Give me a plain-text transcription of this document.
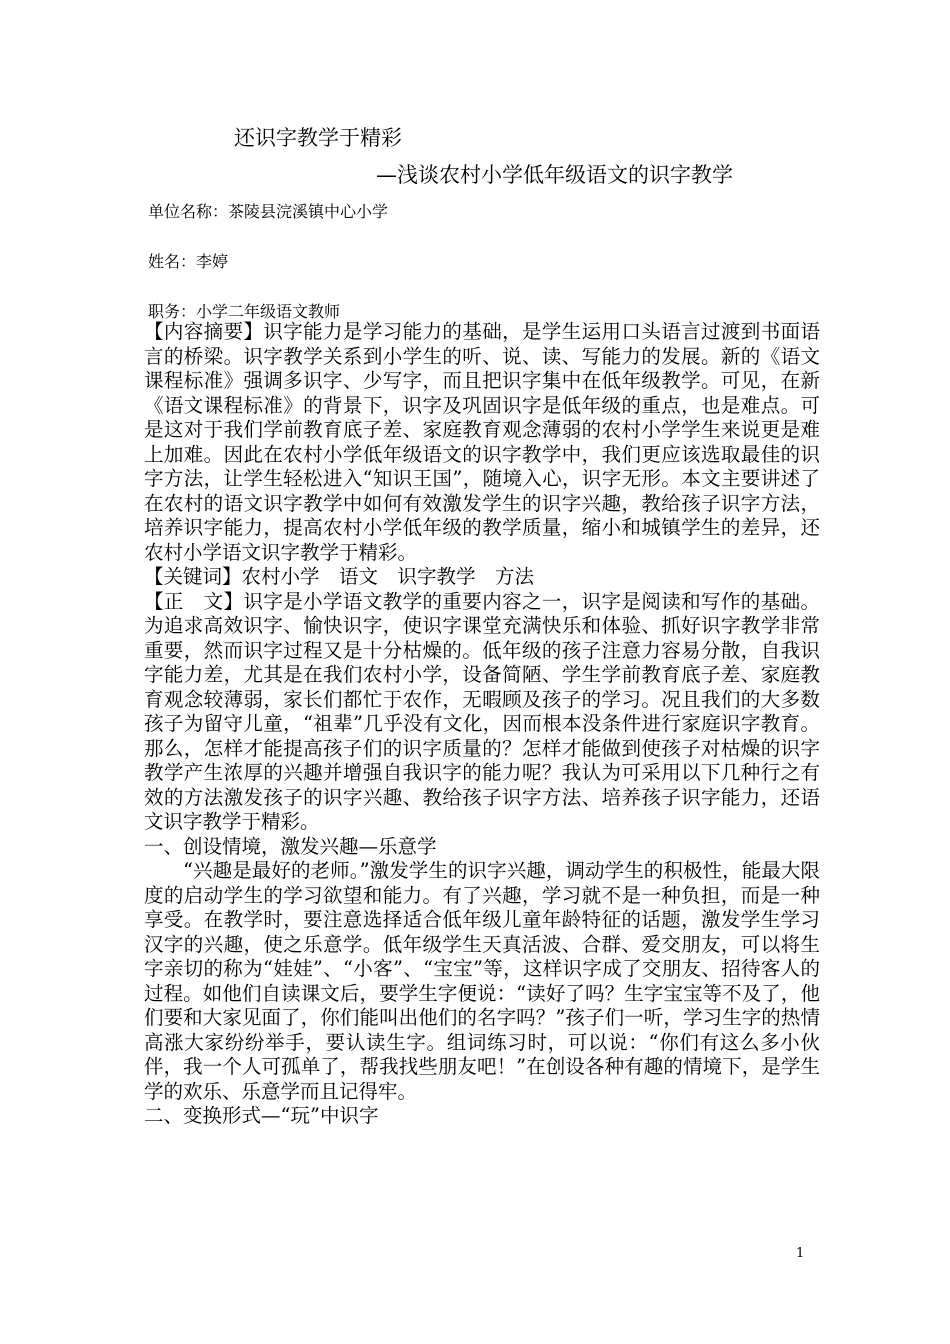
还识字教学于精彩
—浅谈农村小学低年级语文的识字教学
单位名称：茶陵县浣溪镇中心小学
姓名：李婷
职务：小学二年级语文教师

【内容摘要】识字能力是学习能力的基础，是学生运用口头语言过渡到书面语言的桥梁。识字教学关系到小学生的听、说、读、写能力的发展。新的《语文课程标准》强调多识字、少写字，而且把识字集中在低年级教学。可见，在新《语文课程标准》的背景下，识字及巩固识字是低年级的重点，也是难点。可是这对于我们学前教育底子差、家庭教育观念薄弱的农村小学学生来说更是难上加难。因此在农村小学低年级语文的识字教学中，我们更应该选取最佳的识字方法，让学生轻松进入“知识王国”，随境入心，识字无形。本文主要讲述了在农村的语文识字教学中如何有效激发学生的识字兴趣，教给孩子识字方法，培养识字能力，提高农村小学低年级的教学质量，缩小和城镇学生的差异，还农村小学语文识字教学于精彩。

【关键词】农村小学　语文　识字教学　方法

【正　文】识字是小学语文教学的重要内容之一，识字是阅读和写作的基础。为追求高效识字、愉快识字，使识字课堂充满快乐和体验、抓好识字教学非常重要，然而识字过程又是十分枯燥的。低年级的孩子注意力容易分散，自我识字能力差，尤其是在我们农村小学，设备简陋、学生学前教育底子差、家庭教育观念较薄弱，家长们都忙于农作，无暇顾及孩子的学习。况且我们的大多数孩子为留守儿童，“祖辈”几乎没有文化，因而根本没条件进行家庭识字教育。那么，怎样才能提高孩子们的识字质量的？怎样才能做到使孩子对枯燥的识字教学产生浓厚的兴趣并增强自我识字的能力呢？我认为可采用以下几种行之有效的方法激发孩子的识字兴趣、教给孩子识字方法、培养孩子识字能力，还语文识字教学于精彩。

一、创设情境，激发兴趣—乐意学

“兴趣是最好的老师。”激发学生的识字兴趣，调动学生的积极性，能最大限度的启动学生的学习欲望和能力。有了兴趣，学习就不是一种负担，而是一种享受。在教学时，要注意选择适合低年级儿童年龄特征的话题，激发学生学习汉字的兴趣，使之乐意学。低年级学生天真活波、合群、爱交朋友，可以将生字亲切的称为“娃娃”、“小客”、“宝宝”等，这样识字成了交朋友、招待客人的过程。如他们自读课文后，要学生字便说：“读好了吗？生字宝宝等不及了，他们要和大家见面了，你们能叫出他们的名字吗？”孩子们一听，学习生字的热情高涨大家纷纷举手，要认读生字。组词练习时，可以说：“你们有这么多小伙伴，我一个人可孤单了，帮我找些朋友吧！”在创设各种有趣的情境下，是学生学的欢乐、乐意学而且记得牢。

二、变换形式—“玩”中识字

1
